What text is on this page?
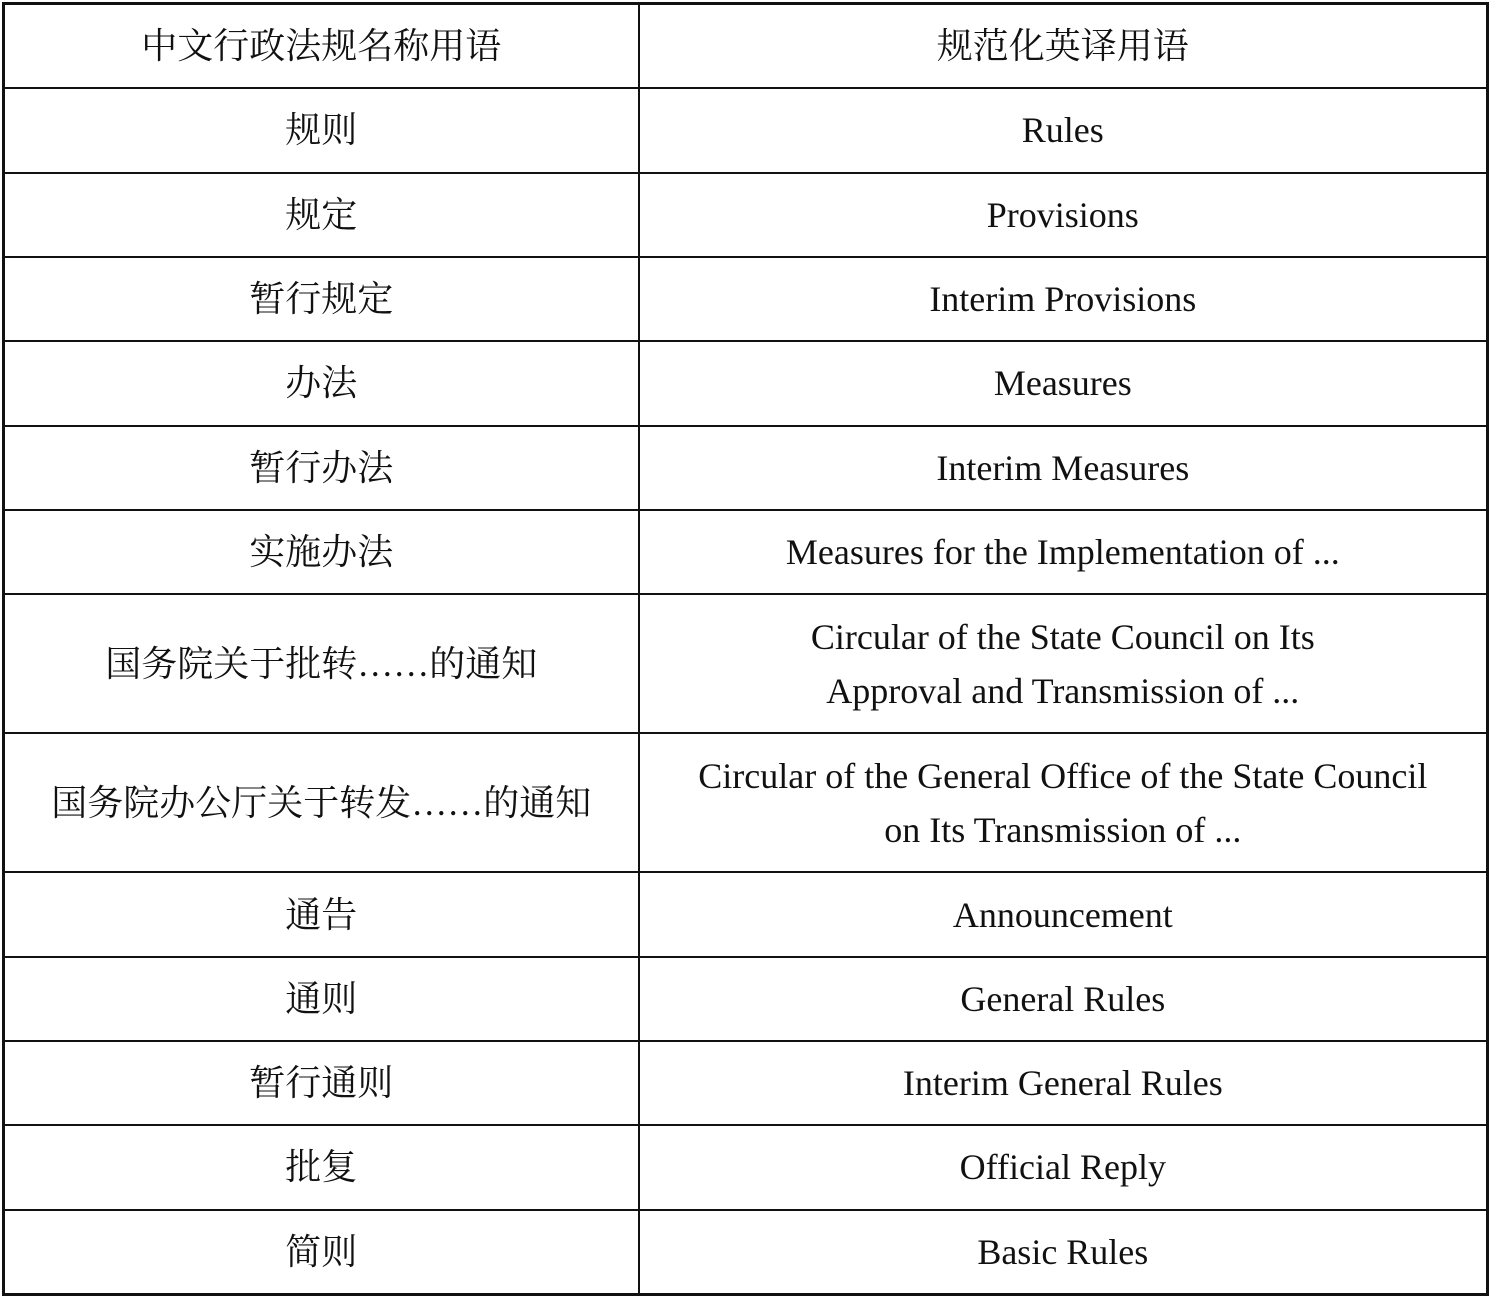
中文行政法规名称用语	规范化英译用语
规则	Rules

规定	Provisions

暂行规定	Interim Provisions

办法	Measures

暂行办法	Interim Measures

实施办法	Measures for the Implementation of ...

国务院关于批转……的通知	Circular of the State Council on Its
Approval and Transmission of ...

国务院办公厅关于转发……的通知	Circular of the General Office of the State Council
on Its Transmission of ...

通告	Announcement

通则	General Rules

暂行通则	Interim General Rules

批复	Official Reply

简则	Basic Rules
